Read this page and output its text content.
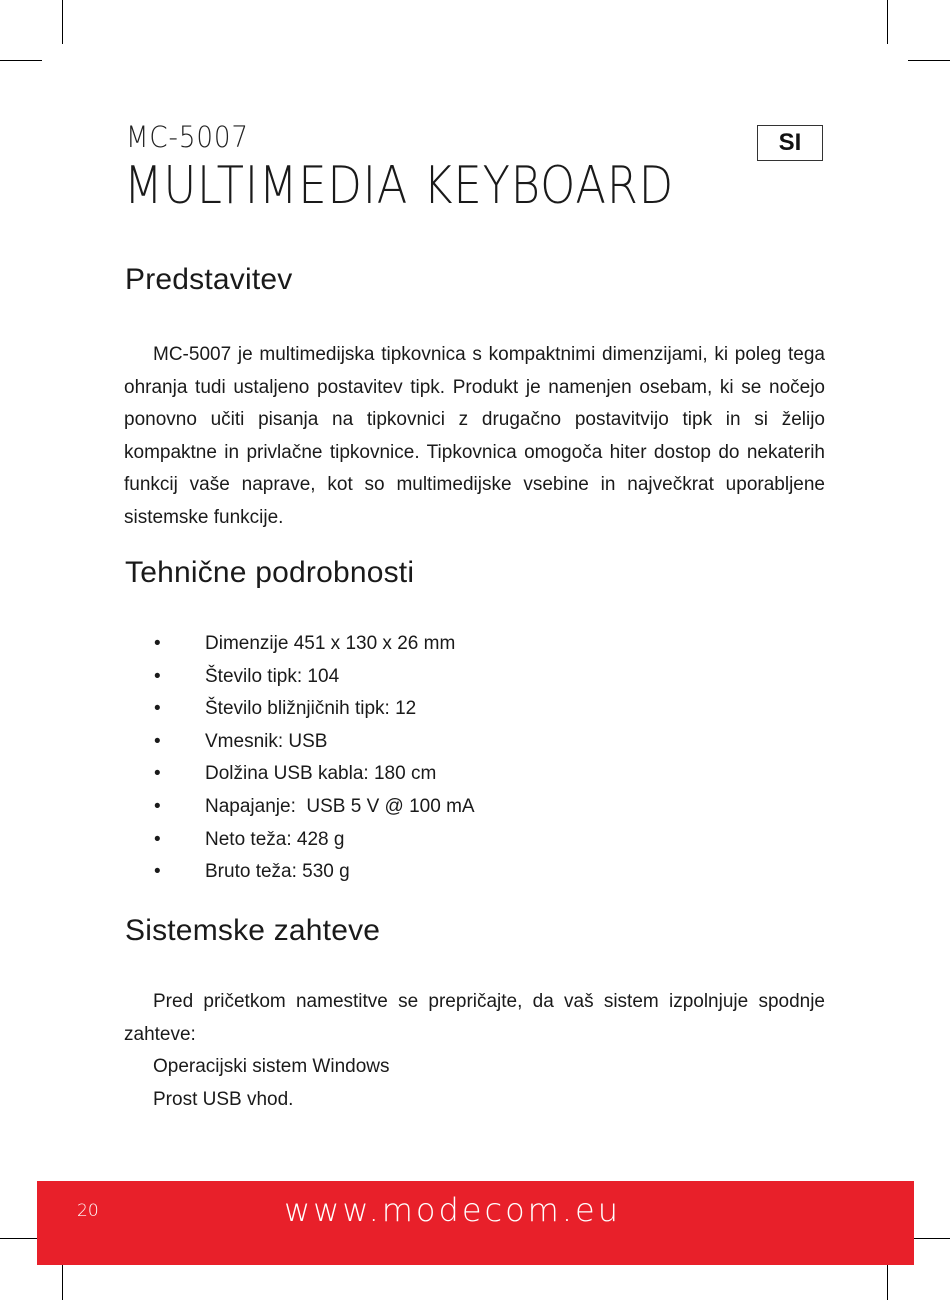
MC-5007
MULTIMEDIA KEYBOARD
SI
Predstavitev

MC-5007 je multimedijska tipkovnica s kompaktnimi dimenzijami, ki poleg tega ohranja tudi ustaljeno postavitev tipk. Produkt je namenjen osebam, ki se nočejo ponovno učiti pisanja na tipkovnici z drugačno postavitvijo tipk in si želijo kompaktne in privlačne tipkovnice. Tipkovnica omogoča hiter dostop do nekaterih funkcij vaše naprave, kot so multimedijske vsebine in največkrat uporabljene sistemske funkcije.

Tehnične podrobnosti
• Dimenzije 451 x 130 x 26 mm
• Število tipk: 104
• Število bližnjičnih tipk: 12
• Vmesnik: USB
• Dolžina USB kabla: 180 cm
• Napajanje:  USB 5 V @ 100 mA
• Neto teža: 428 g
• Bruto teža: 530 g
Sistemske zahteve

Pred pričetkom namestitve se prepričajte, da vaš sistem izpolnjuje spodnje zahteve:

Operacijski sistem Windows
Prost USB vhod.
20	www.modecom.eu
